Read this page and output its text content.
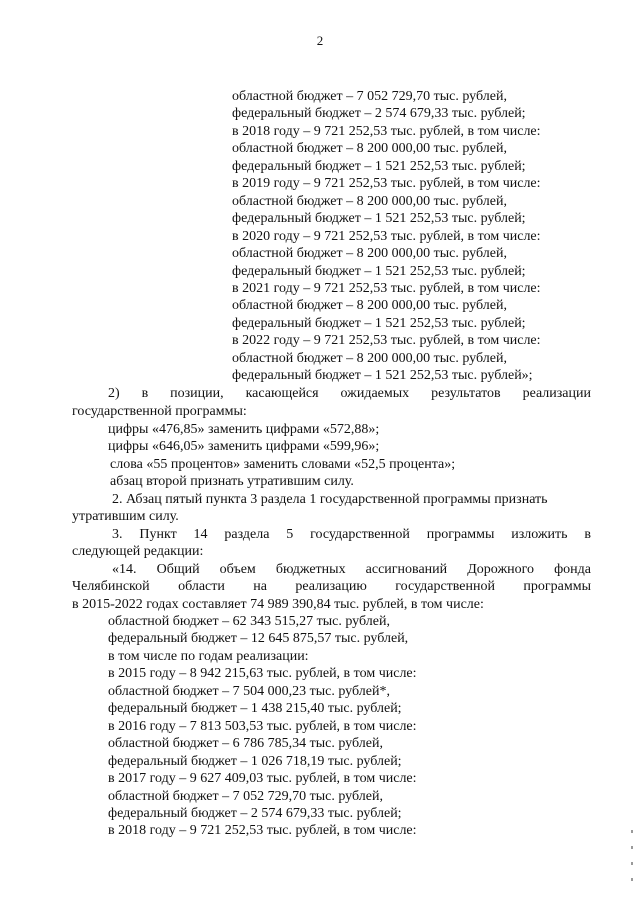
2
областной бюджет – 7 052 729,70 тыс. рублей,
федеральный бюджет – 2 574 679,33 тыс. рублей;
в 2018 году – 9 721 252,53 тыс. рублей, в том числе:
областной бюджет – 8 200 000,00 тыс. рублей,
федеральный бюджет – 1 521 252,53 тыс. рублей;
в 2019 году – 9 721 252,53 тыс. рублей, в том числе:
областной бюджет – 8 200 000,00 тыс. рублей,
федеральный бюджет – 1 521 252,53 тыс. рублей;
в 2020 году – 9 721 252,53 тыс. рублей, в том числе:
областной бюджет – 8 200 000,00 тыс. рублей,
федеральный бюджет – 1 521 252,53 тыс. рублей;
в 2021 году – 9 721 252,53 тыс. рублей, в том числе:
областной бюджет – 8 200 000,00 тыс. рублей,
федеральный бюджет – 1 521 252,53 тыс. рублей;
в 2022 году – 9 721 252,53 тыс. рублей, в том числе:
областной бюджет – 8 200 000,00 тыс. рублей,
федеральный бюджет – 1 521 252,53 тыс. рублей»;
2) в позиции, касающейся ожидаемых результатов реализации
государственной программы:
цифры «476,85» заменить цифрами «572,88»;
цифры «646,05» заменить цифрами «599,96»;
слова «55 процентов» заменить словами «52,5 процента»;
абзац второй признать утратившим силу.
2. Абзац пятый пункта 3 раздела 1 государственной программы признать
утратившим силу.
3. Пункт 14 раздела 5 государственной программы изложить в
следующей редакции:
«14. Общий объем бюджетных ассигнований Дорожного фонда
Челябинской области на реализацию государственной программы
в 2015-2022 годах составляет 74 989 390,84 тыс. рублей, в том числе:
областной бюджет – 62 343 515,27 тыс. рублей,
федеральный бюджет – 12 645 875,57 тыс. рублей,
в том числе по годам реализации:
в 2015 году – 8 942 215,63 тыс. рублей, в том числе:
областной бюджет – 7 504 000,23 тыс. рублей*,
федеральный бюджет – 1 438 215,40 тыс. рублей;
в 2016 году – 7 813 503,53 тыс. рублей, в том числе:
областной бюджет – 6 786 785,34 тыс. рублей,
федеральный бюджет – 1 026 718,19 тыс. рублей;
в 2017 году – 9 627 409,03 тыс. рублей, в том числе:
областной бюджет – 7 052 729,70 тыс. рублей,
федеральный бюджет – 2 574 679,33 тыс. рублей;
в 2018 году – 9 721 252,53 тыс. рублей, в том числе:
